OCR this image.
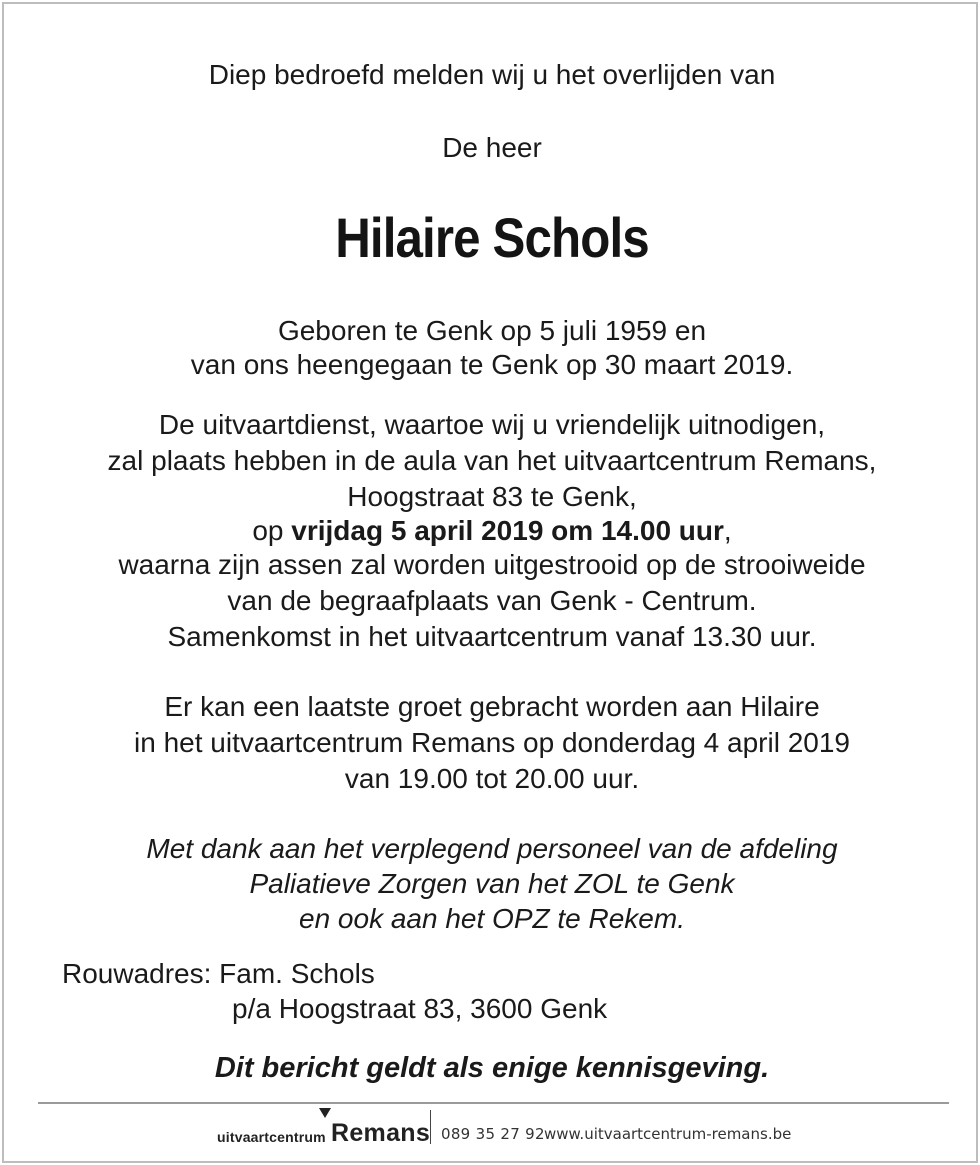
Diep bedroefd melden wij u het overlijden van
De heer
Hilaire Schols
Geboren te Genk op 5 juli 1959 en
van ons heengegaan te Genk op 30 maart 2019.
De uitvaartdienst, waartoe wij u vriendelijk uitnodigen,
zal plaats hebben in de aula van het uitvaartcentrum Remans,
Hoogstraat 83 te Genk,
op vrijdag 5 april 2019 om 14.00 uur,
waarna zijn assen zal worden uitgestrooid op de strooiweide
van de begraafplaats van Genk - Centrum.
Samenkomst in het uitvaartcentrum vanaf 13.30 uur.
Er kan een laatste groet gebracht worden aan Hilaire
in het uitvaartcentrum Remans op donderdag 4 april 2019
van 19.00 tot 20.00 uur.
Met dank aan het verplegend personeel van de afdeling
Paliatieve Zorgen van het ZOL te Genk
en ook aan het OPZ te Rekem.
Rouwadres: Fam. Schols
p/a Hoogstraat 83, 3600 Genk
Dit bericht geldt als enige kennisgeving.
uitvaartcentrum Remans 089 35 27 92 www.uitvaartcentrum-remans.be
